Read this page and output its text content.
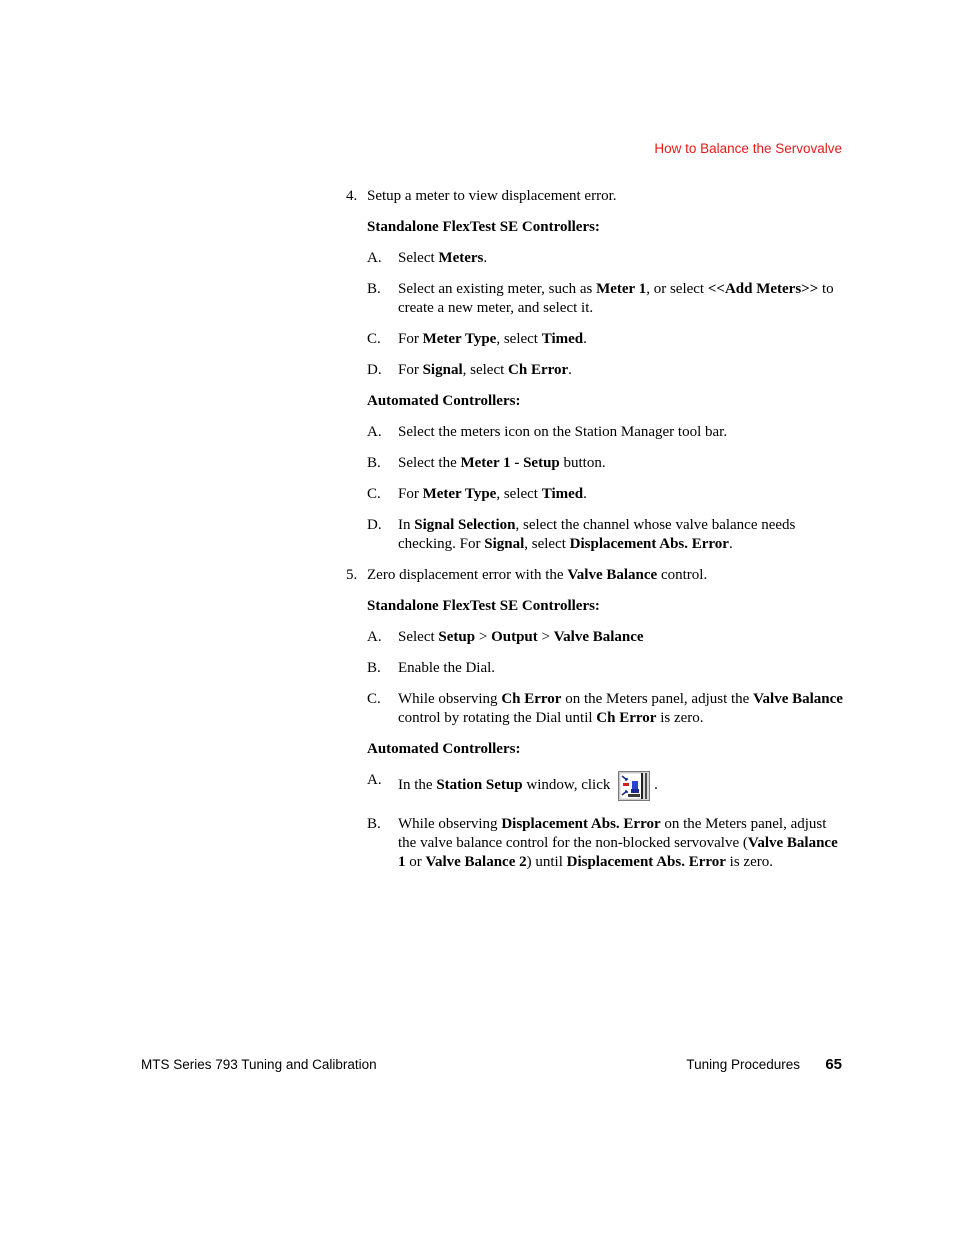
How to Balance the Servovalve
4. Setup a meter to view displacement error.
Standalone FlexTest SE Controllers:
A. Select Meters.
B. Select an existing meter, such as Meter 1, or select <<Add Meters>> to create a new meter, and select it.
C. For Meter Type, select Timed.
D. For Signal, select Ch Error.
Automated Controllers:
A. Select the meters icon on the Station Manager tool bar.
B. Select the Meter 1 - Setup button.
C. For Meter Type, select Timed.
D. In Signal Selection, select the channel whose valve balance needs checking. For Signal, select Displacement Abs. Error.
5. Zero displacement error with the Valve Balance control.
Standalone FlexTest SE Controllers:
A. Select Setup > Output > Valve Balance
B. Enable the Dial.
C. While observing Ch Error on the Meters panel, adjust the Valve Balance control by rotating the Dial until Ch Error is zero.
Automated Controllers:
A. In the Station Setup window, click	.
B. While observing Displacement Abs. Error on the Meters panel, adjust the valve balance control for the non-blocked servovalve (Valve Balance 1 or Valve Balance 2) until Displacement Abs. Error is zero.
MTS Series 793 Tuning and Calibration	Tuning Procedures 65
